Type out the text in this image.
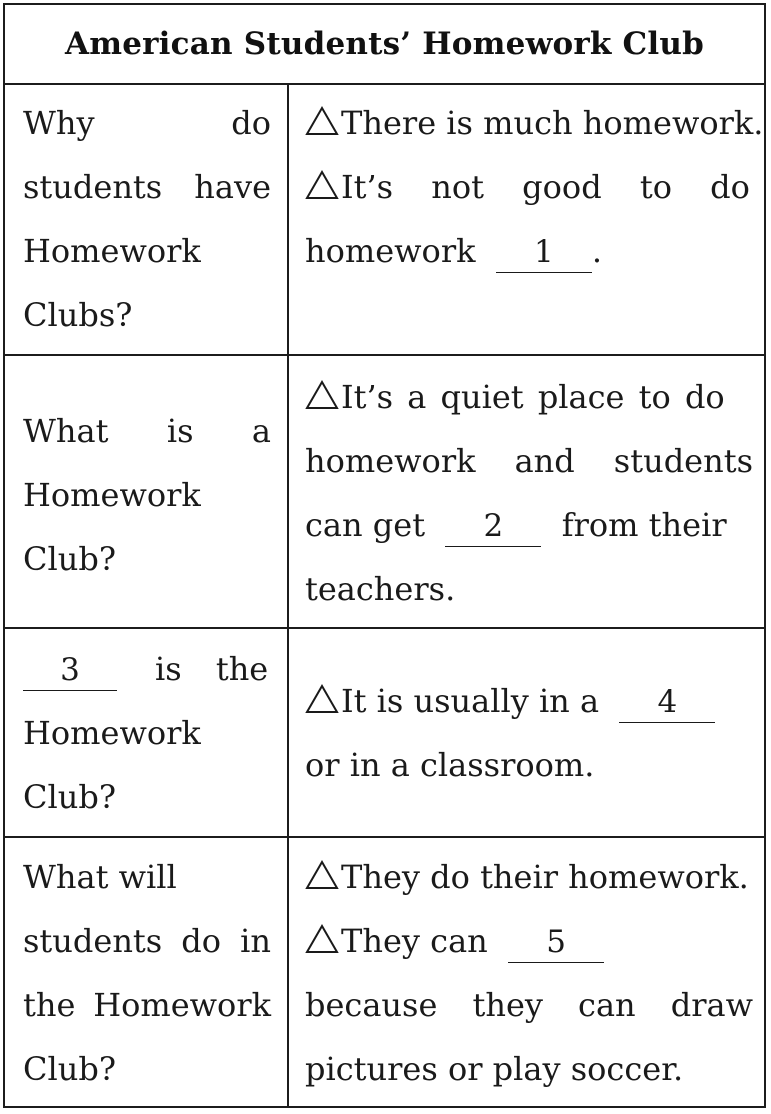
American Students’ Homework Club
Why do
students have
Homework
Clubs?
There is much homework.
It’s not good to do
homework 1 .
What is a
Homework
Club?
It’s a quiet place to do
homework and students
can get 2 from their
teachers.
3 is the
Homework
Club?
It is usually in a 4
or in a classroom.
What will
students do in
the Homework
Club?
They do their homework.
They can 5
because they can draw
pictures or play soccer.
